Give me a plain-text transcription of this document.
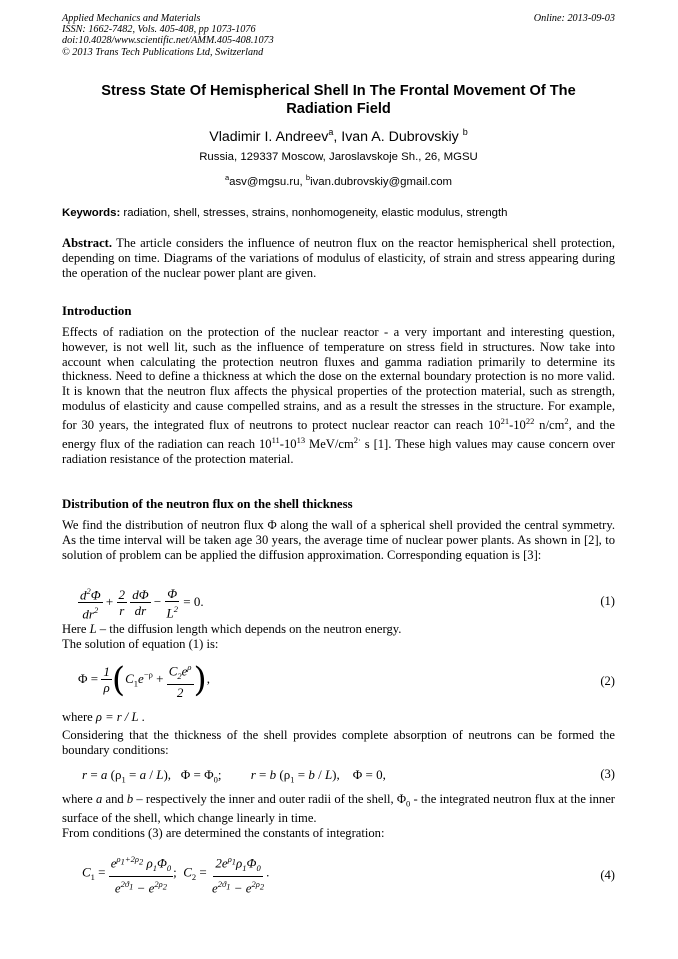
Applied Mechanics and Materials
ISSN: 1662-7482, Vols. 405-408, pp 1073-1076
doi:10.4028/www.scientific.net/AMM.405-408.1073
© 2013 Trans Tech Publications Ltd, Switzerland
Online: 2013-09-03
Stress State Of Hemispherical Shell In The Frontal Movement Of The
Radiation Field
Vladimir I. Andreev$^a$, Ivan A. Dubrovskiy $^b$
Russia, 129337 Moscow, Jaroslavskoje Sh., 26, MGSU
$^a$asv@mgsu.ru, $^b$ivan.dubrovskiy@gmail.com
Keywords: radiation, shell, stresses, strains, nonhomogeneity, elastic modulus, strength
Abstract. The article considers the influence of neutron flux on the reactor hemispherical shell protection, depending on time. Diagrams of the variations of modulus of elasticity, of strain and stress appearing during the operation of the nuclear power plant are given.
Introduction
Effects of radiation on the protection of the nuclear reactor - a very important and interesting question, however, is not well lit, such as the influence of temperature on stress field in structures. Now take into account when calculating the protection neutron fluxes and gamma radiation primarily to determine its thickness. Need to define a thickness at which the dose on the external boundary protection is no more valid. It is known that the neutron flux affects the physical properties of the protection material, such as strength, modulus of elasticity and cause compelled strains, and as a result the stresses in the structure. For example, for 30 years, the integrated flux of neutrons to protect nuclear reactor can reach $10^{21}-10^{22}$ $n/cm^2$, and the energy flux of the radiation can reach $10^{11}-10^{13}$ MeV/$cm^{2\cdot}$ s [1]. These high values may cause concern over radiation resistance of the protection material.
Distribution of the neutron flux on the shell thickness
We find the distribution of neutron flux Φ along the wall of a spherical shell provided the central symmetry. As the time interval will be taken age 30 years, the average time of nuclear power plants. As shown in [2], to solution of problem can be applied the diffusion approximation. Corresponding equation is [3]:
$\frac{d^2\Phi}{dr^2} + \frac{2}{r}$
$\frac{d\Phi}{dr} - \frac{\Phi}{L^2} = 0$.	(1)
Here L – the diffusion length which depends on the neutron energy.
The solution of equation (1) is:
$\Phi = \frac{1}{\rho} (C_1e^{-\rho} + \frac{C_2e^\rho}{2}$ ),	(2)
where ρ = r / L .
Considering that the thickness of the shell provides complete absorption of neutrons can be formed the boundary conditions:
r = a $(\rho_1 = a / L)$,   $\Phi = \Phi_0$;         r = b $(\rho_1 = b / L)$,    Φ = 0,	(3)
where a and b – respectively the inner and outer radii of the shell, $\Phi_0$ - the integrated neutron flux at the inner surface of the shell, which change linearly in time.
From conditions (3) are determined the constants of integration:
$C_1 = \frac{e^{\rho_1+2\rho_2} \rho_1\Phi_0}{e^{2ϑ_1} - e^{2\rho_2}}$ ;  $C_2 = \frac{2e^{\rho_1}\rho_1\Phi_0}{e^{2ϑ_1} - e^{2\rho_2}}$ .	(4)
